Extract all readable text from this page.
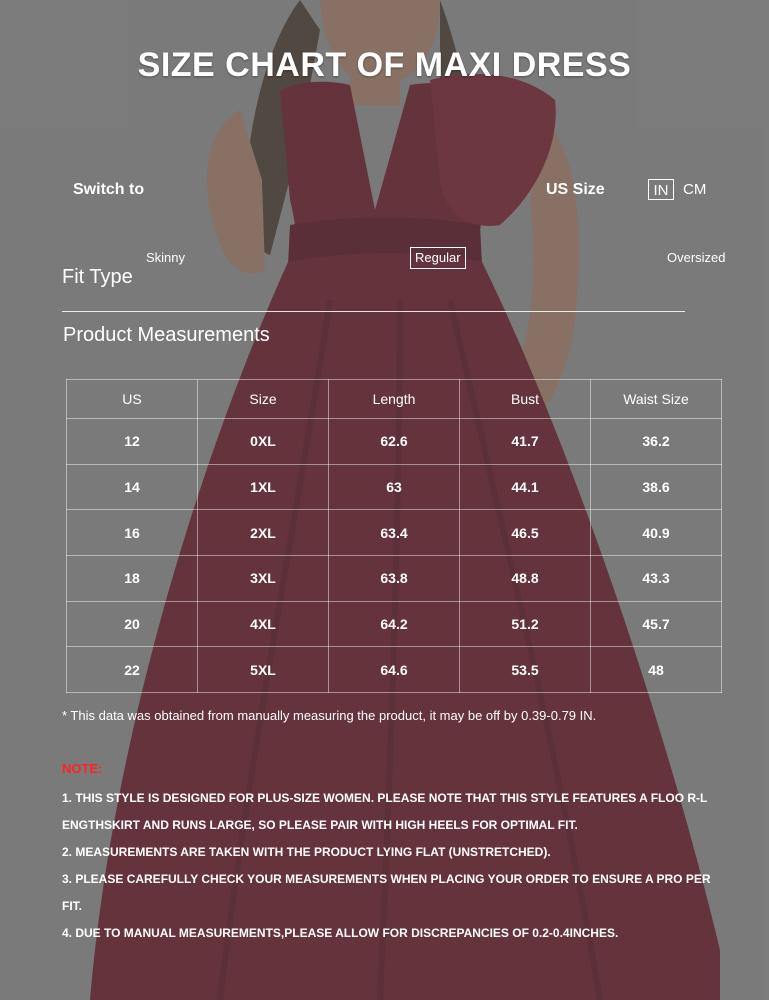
SIZE CHART OF MAXI DRESS
Switch to	US Size	IN CM
Skinny	Regular	Oversized
Fit Type
Product Measurements
US	Size	Length	Bust	Waist Size
12	0XL	62.6	41.7	36.2
14	1XL	63	44.1	38.6
16	2XL	63.4	46.5	40.9
18	3XL	63.8	48.8	43.3
20	4XL	64.2	51.2	45.7
22	5XL	64.6	53.5	48
* This data was obtained from manually measuring the product, it may be off by 0.39-0.79 IN.
NOTE:

1. THIS STYLE IS DESIGNED FOR PLUS-SIZE WOMEN. PLEASE NOTE THAT THIS STYLE FEATURES A FLOO R-LENGTHSKIRT AND RUNS LARGE, SO PLEASE PAIR WITH HIGH HEELS FOR OPTIMAL FIT.

2. MEASUREMENTS ARE TAKEN WITH THE PRODUCT LYING FLAT (UNSTRETCHED).

3. PLEASE CAREFULLY CHECK YOUR MEASUREMENTS WHEN PLACING YOUR ORDER TO ENSURE A PRO PER FIT.

4. DUE TO MANUAL MEASUREMENTS,PLEASE ALLOW FOR DISCREPANCIES OF 0.2-0.4INCHES.
